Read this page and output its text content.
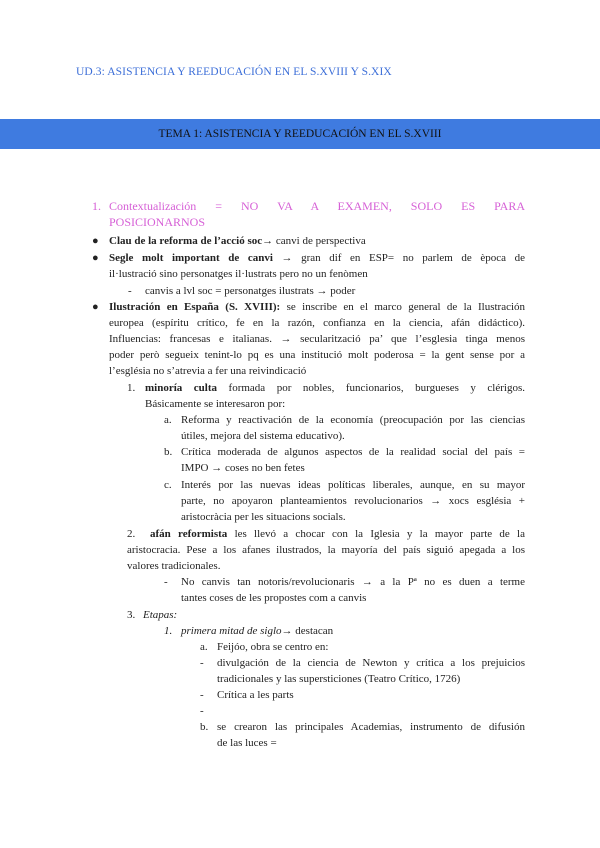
UD.3: ASISTENCIA Y REEDUCACIÓN EN EL S.XVIII Y S.XIX
TEMA 1: ASISTENCIA Y REEDUCACIÓN EN EL S.XVIII
1. Contextualización = NO VA A EXAMEN, SOLO ES PARA
POSICIONARNOS
● Clau de la reforma de l’acció soc→ canvi de perspectiva
● Segle molt important de canvi → gran dif en ESP= no parlem de època de
il·lustració sino personatges il·lustrats pero no un fenòmen
- canvis a lvl soc = personatges ilustrats → poder
● Ilustración en España (S. XVIII): se inscribe en el marco general de la Ilustración
europea (espíritu crítico, fe en la razón, confianza en la ciencia, afán didáctico).
Influencias: francesas e italianas. → secularització pa’ que l’esglesia tinga menos
poder però segueix tenint-lo pq es una institució molt poderosa = la gent sense por a
l’església no s’atrevia a fer una reivindicació
1. minoría culta formada por nobles, funcionarios, burgueses y clérigos.
Básicamente se interesaron por:
a. Reforma y reactivación de la economía (preocupación por las ciencias
útiles, mejora del sistema educativo).
b. Crítica moderada de algunos aspectos de la realidad social del país =
IMPO → coses no ben fetes
c. Interés por las nuevas ideas políticas liberales, aunque, en su mayor
parte, no apoyaron planteamientos revolucionarios → xocs església +
aristocràcia per les situacions socials.
2. afán reformista les llevó a chocar con la Iglesia y la mayor parte de la
aristocracia. Pese a los afanes ilustrados, la mayoría del país siguió apegada a los
valores tradicionales.
- No canvis tan notoris/revolucionaris → a la Pª no es duen a terme
tantes coses de les propostes com a canvis
3. Etapas:
1. primera mitad de siglo→ destacan
a. Feijóo, obra se centro en:
- divulgación de la ciencia de Newton y crítica a los prejuicios
tradicionales y las supersticiones (Teatro Crítico, 1726)
- Crítica a les parts
-
b. se crearon las principales Academias, instrumento de difusión
de las luces =
